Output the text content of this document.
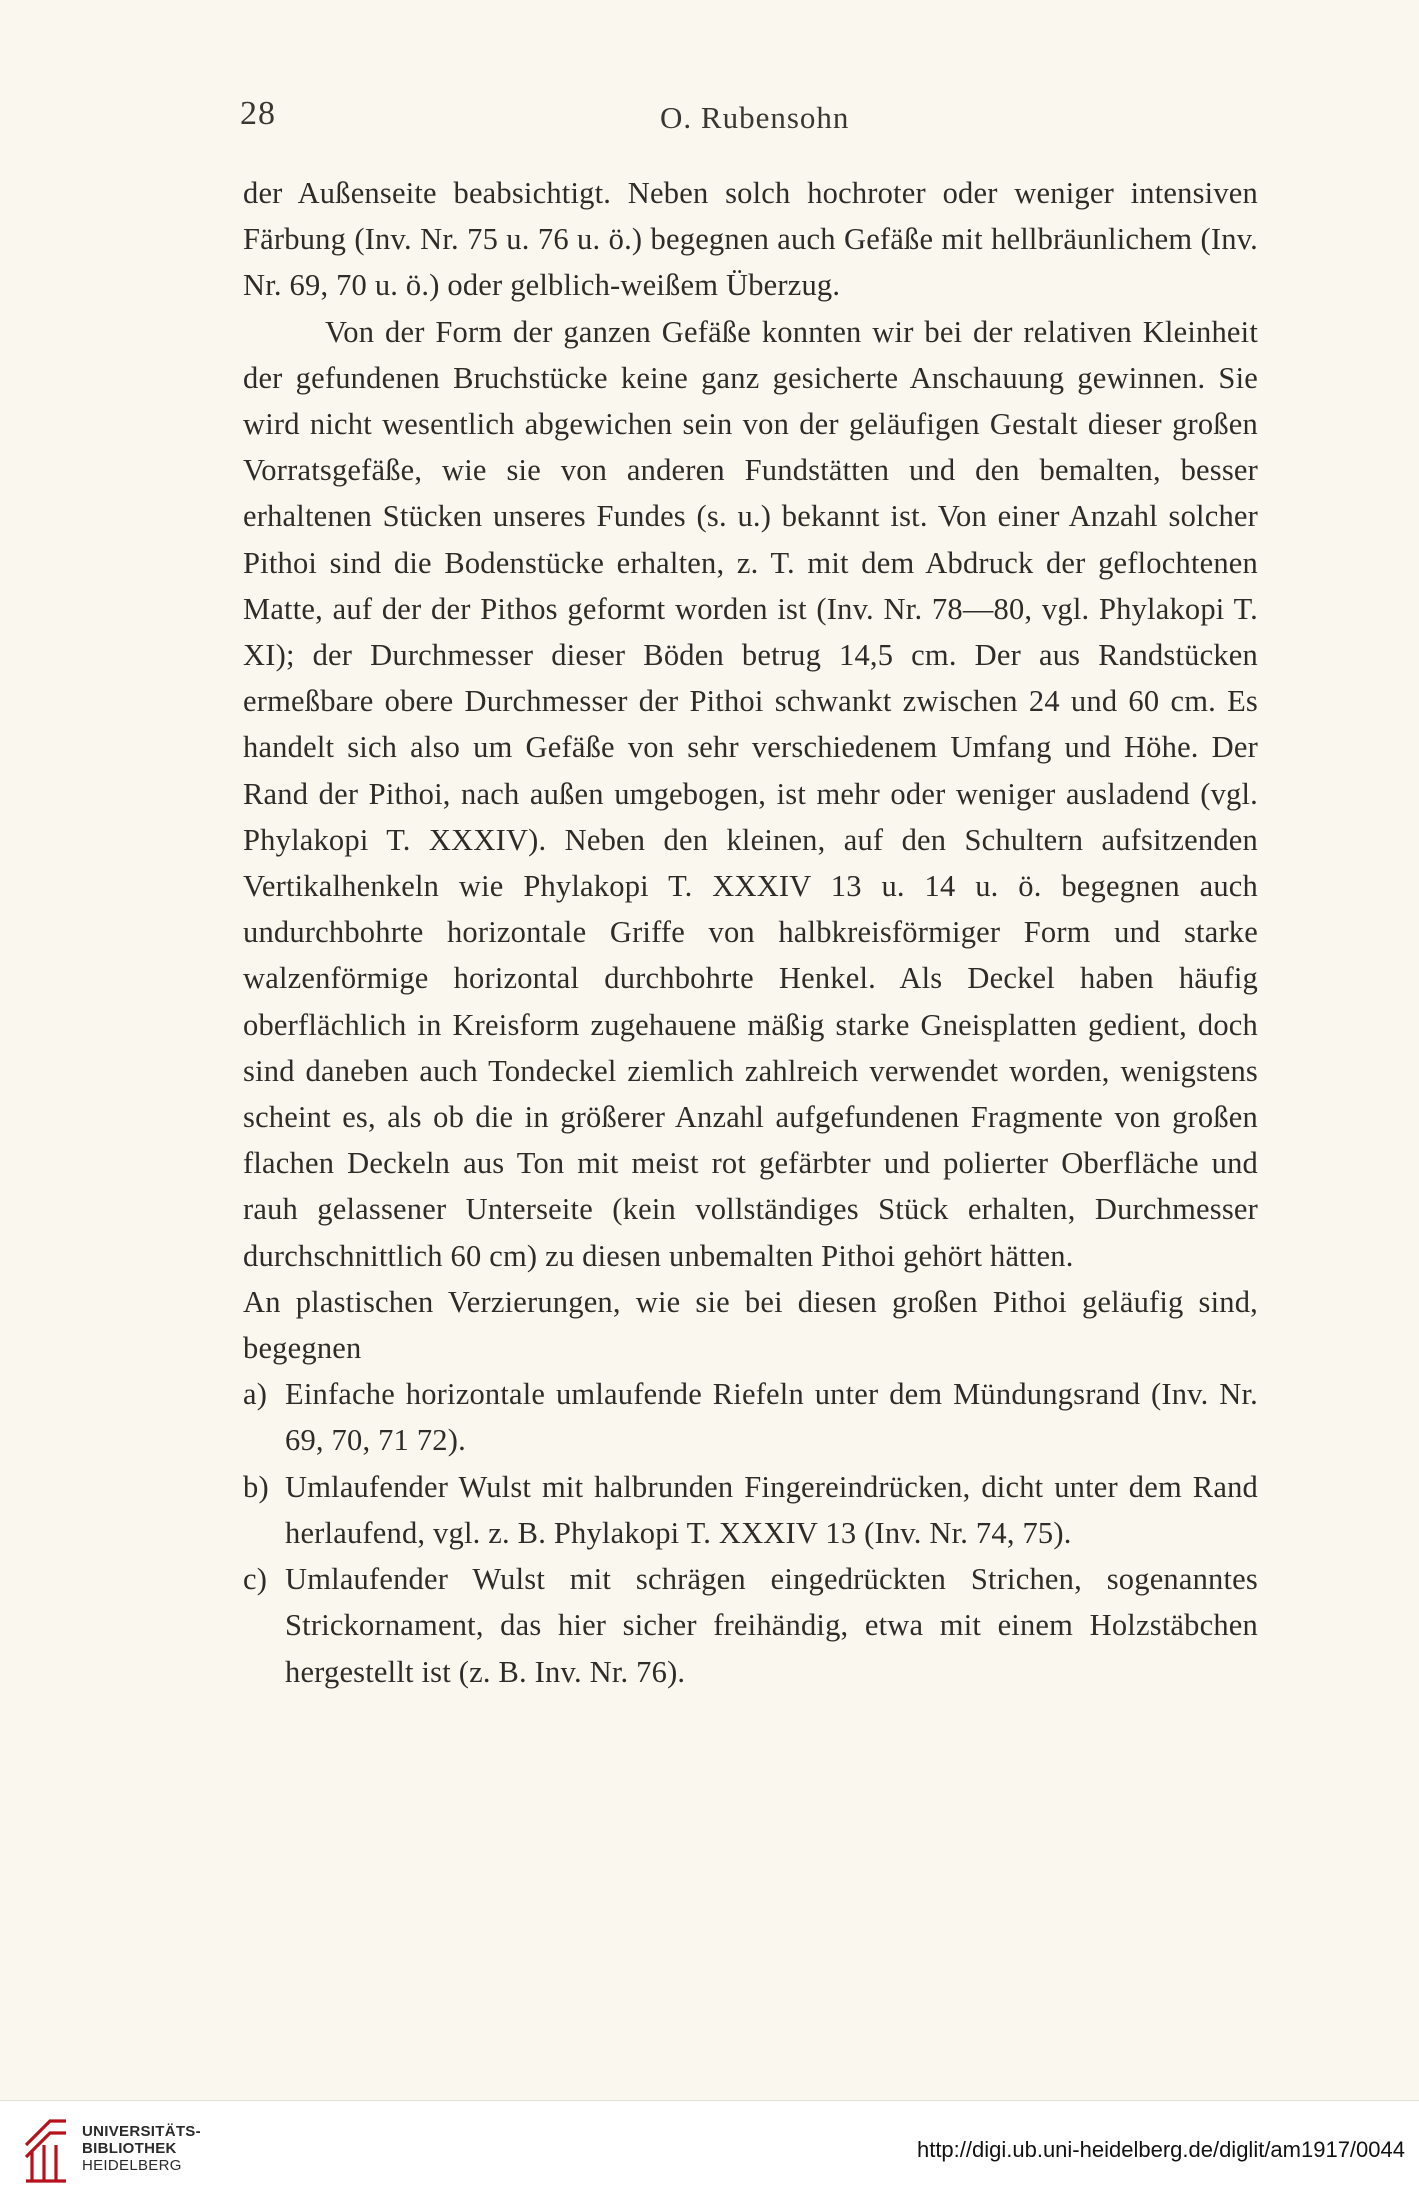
28	O. Rubensohn

der Außenseite beabsichtigt. Neben solch hochroter oder weniger intensiven Färbung (Inv. Nr. 75 u. 76 u. ö.) begegnen auch Gefäße mit hellbräunlichem (Inv. Nr. 69, 70 u. ö.) oder gelblich-weißem Überzug.

Von der Form der ganzen Gefäße konnten wir bei der relativen Kleinheit der gefundenen Bruchstücke keine ganz gesicherte Anschauung gewinnen. Sie wird nicht wesentlich abgewichen sein von der geläufigen Gestalt dieser großen Vorratsgefäße, wie sie von anderen Fundstätten und den bemalten, besser erhaltenen Stücken unseres Fundes (s. u.) bekannt ist. Von einer Anzahl solcher Pithoi sind die Bodenstücke erhalten, z. T. mit dem Abdruck der geflochtenen Matte, auf der der Pithos geformt worden ist (Inv. Nr. 78—80, vgl. Phylakopi T. XI); der Durchmesser dieser Böden betrug 14,5 cm. Der aus Randstücken ermeßbare obere Durchmesser der Pithoi schwankt zwischen 24 und 60 cm. Es handelt sich also um Gefäße von sehr verschiedenem Umfang und Höhe. Der Rand der Pithoi, nach außen umgebogen, ist mehr oder weniger ausladend (vgl. Phylakopi T. XXXIV). Neben den kleinen, auf den Schultern aufsitzenden Vertikalhenkeln wie Phylakopi T. XXXIV 13 u. 14 u. ö. begegnen auch undurchbohrte horizontale Griffe von halbkreisförmiger Form und starke walzenförmige horizontal durchbohrte Henkel. Als Deckel haben häufig oberflächlich in Kreisform zugehauene mäßig starke Gneisplatten gedient, doch sind daneben auch Tondeckel ziemlich zahlreich verwendet worden, wenigstens scheint es, als ob die in größerer Anzahl aufgefundenen Fragmente von großen flachen Deckeln aus Ton mit meist rot gefärbter und polierter Oberfläche und rauh gelassener Unterseite (kein vollständiges Stück erhalten, Durchmesser durchschnittlich 60 cm) zu diesen unbemalten Pithoi gehört hätten.

An plastischen Verzierungen, wie sie bei diesen großen Pithoi geläufig sind, begegnen

a) Einfache horizontale umlaufende Riefeln unter dem Mündungsrand (Inv. Nr. 69, 70, 71 72).
b) Umlaufender Wulst mit halbrunden Fingereindrücken, dicht unter dem Rand herlaufend, vgl. z. B. Phylakopi T. XXXIV 13 (Inv. Nr. 74, 75).
c) Umlaufender Wulst mit schrägen eingedrückten Strichen, sogenanntes Strickornament, das hier sicher freihändig, etwa mit einem Holzstäbchen hergestellt ist (z. B. Inv. Nr. 76).
UNIVERSITÄTS-
BIBLIOTHEK
HEIDELBERG
http://digi.ub.uni-heidelberg.de/diglit/am1917/0044
